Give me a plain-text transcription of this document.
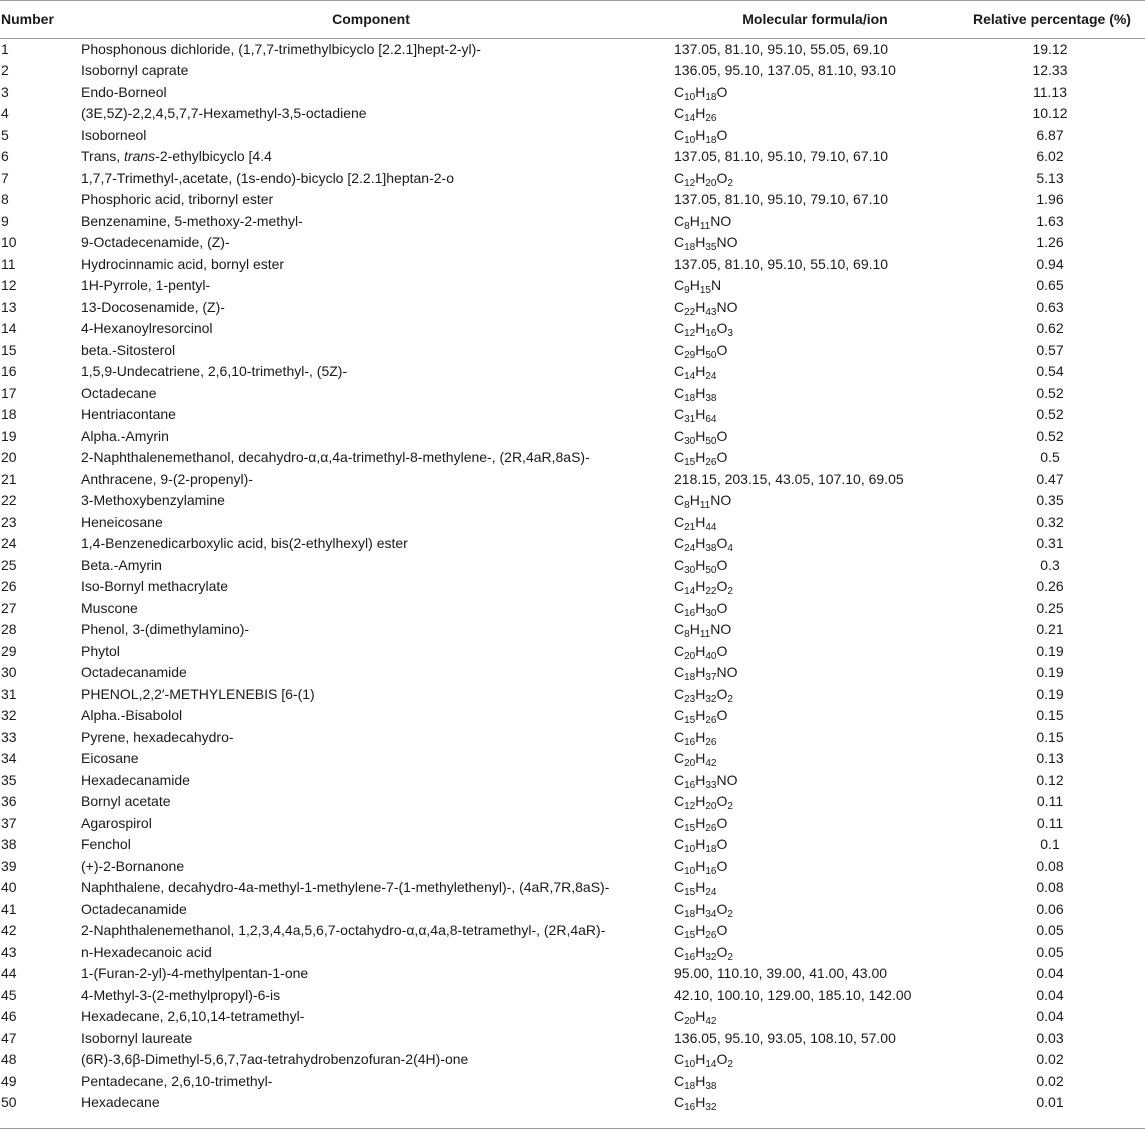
Number	Component	Molecular formula/ion	Relative percentage (%)
1	Phosphonous dichloride, (1,7,7-trimethylbicyclo [2.2.1]hept-2-yl)-	137.05, 81.10, 95.10, 55.05, 69.10	19.12
2	Isobornyl caprate	136.05, 95.10, 137.05, 81.10, 93.10	12.33
3	Endo-Borneol	$C_{10}H_{18}O$	11.13
4	(3E,5Z)-2,2,4,5,7,7-Hexamethyl-3,5-octadiene	$C_{14}H_{26}$	10.12
5	Isoborneol	$C_{10}H_{18}O$	6.87
6	Trans, trans-2-ethylbicyclo [4.4	137.05, 81.10, 95.10, 79.10, 67.10	6.02
7	1,7,7-Trimethyl-,acetate, (1s-endo)-bicyclo [2.2.1]heptan-2-o	$C_{12}H_{20}O_2$	5.13
8	Phosphoric acid, tribornyl ester	137.05, 81.10, 95.10, 79.10, 67.10	1.96
9	Benzenamine, 5-methoxy-2-methyl-	$C_8H_{11}NO$	1.63
10	9-Octadecenamide, (Z)-	$C_{18}H_{35}NO$	1.26
11	Hydrocinnamic acid, bornyl ester	137.05, 81.10, 95.10, 55.10, 69.10	0.94
12	1H-Pyrrole, 1-pentyl-	$C_9H_{15}N$	0.65
13	13-Docosenamide, (Z)-	$C_{22}H_{43}NO$	0.63
14	4-Hexanoylresorcinol	$C_{12}H_{16}O_3$	0.62
15	beta.-Sitosterol	$C_{29}H_{50}O$	0.57
16	1,5,9-Undecatriene, 2,6,10-trimethyl-, (5Z)-	$C_{14}H_{24}$	0.54
17	Octadecane	$C_{18}H_{38}$	0.52
18	Hentriacontane	$C_{31}H_{64}$	0.52
19	Alpha.-Amyrin	$C_{30}H_{50}O$	0.52
20	2-Naphthalenemethanol, decahydro-α,α,4a-trimethyl-8-methylene-, (2R,4aR,8aS)-	$C_{15}H_{26}O$	0.5
21	Anthracene, 9-(2-propenyl)-	218.15, 203.15, 43.05, 107.10, 69.05	0.47
22	3-Methoxybenzylamine	$C_8H_{11}NO$	0.35
23	Heneicosane	$C_{21}H_{44}$	0.32
24	1,4-Benzenedicarboxylic acid, bis(2-ethylhexyl) ester	$C_{24}H_{38}O_4$	0.31
25	Beta.-Amyrin	$C_{30}H_{50}O$	0.3
26	Iso-Bornyl methacrylate	$C_{14}H_{22}O_2$	0.26
27	Muscone	$C_{16}H_{30}O$	0.25
28	Phenol, 3-(dimethylamino)-	$C_8H_{11}NO$	0.21
29	Phytol	$C_{20}H_{40}O$	0.19
30	Octadecanamide	$C_{18}H_{37}NO$	0.19
31	PHENOL,2,2′-METHYLENEBIS [6-(1)	$C_{23}H_{32}O_2$	0.19
32	Alpha.-Bisabolol	$C_{15}H_{26}O$	0.15
33	Pyrene, hexadecahydro-	$C_{16}H_{26}$	0.15
34	Eicosane	$C_{20}H_{42}$	0.13
35	Hexadecanamide	$C_{16}H_{33}NO$	0.12
36	Bornyl acetate	$C_{12}H_{20}O_2$	0.11
37	Agarospirol	$C_{15}H_{26}O$	0.11
38	Fenchol	$C_{10}H_{18}O$	0.1
39	(+)-2-Bornanone	$C_{10}H_{16}O$	0.08
40	Naphthalene, decahydro-4a-methyl-1-methylene-7-(1-methylethenyl)-, (4aR,7R,8aS)-	$C_{15}H_{24}$	0.08
41	Octadecanamide	$C_{18}H_{34}O_2$	0.06
42	2-Naphthalenemethanol, 1,2,3,4,4a,5,6,7-octahydro-α,α,4a,8-tetramethyl-, (2R,4aR)-	$C_{15}H_{26}O$	0.05
43	n-Hexadecanoic acid	$C_{16}H_{32}O_2$	0.05
44	1-(Furan-2-yl)-4-methylpentan-1-one	95.00, 110.10, 39.00, 41.00, 43.00	0.04
45	4-Methyl-3-(2-methylpropyl)-6-is	42.10, 100.10, 129.00, 185.10, 142.00	0.04
46	Hexadecane, 2,6,10,14-tetramethyl-	$C_{20}H_{42}$	0.04
47	Isobornyl laureate	136.05, 95.10, 93.05, 108.10, 57.00	0.03
48	(6R)-3,6β-Dimethyl-5,6,7,7aα-tetrahydrobenzofuran-2(4H)-one	$C_{10}H_{14}O_2$	0.02
49	Pentadecane, 2,6,10-trimethyl-	$C_{18}H_{38}$	0.02
50	Hexadecane	$C_{16}H_{32}$	0.01
